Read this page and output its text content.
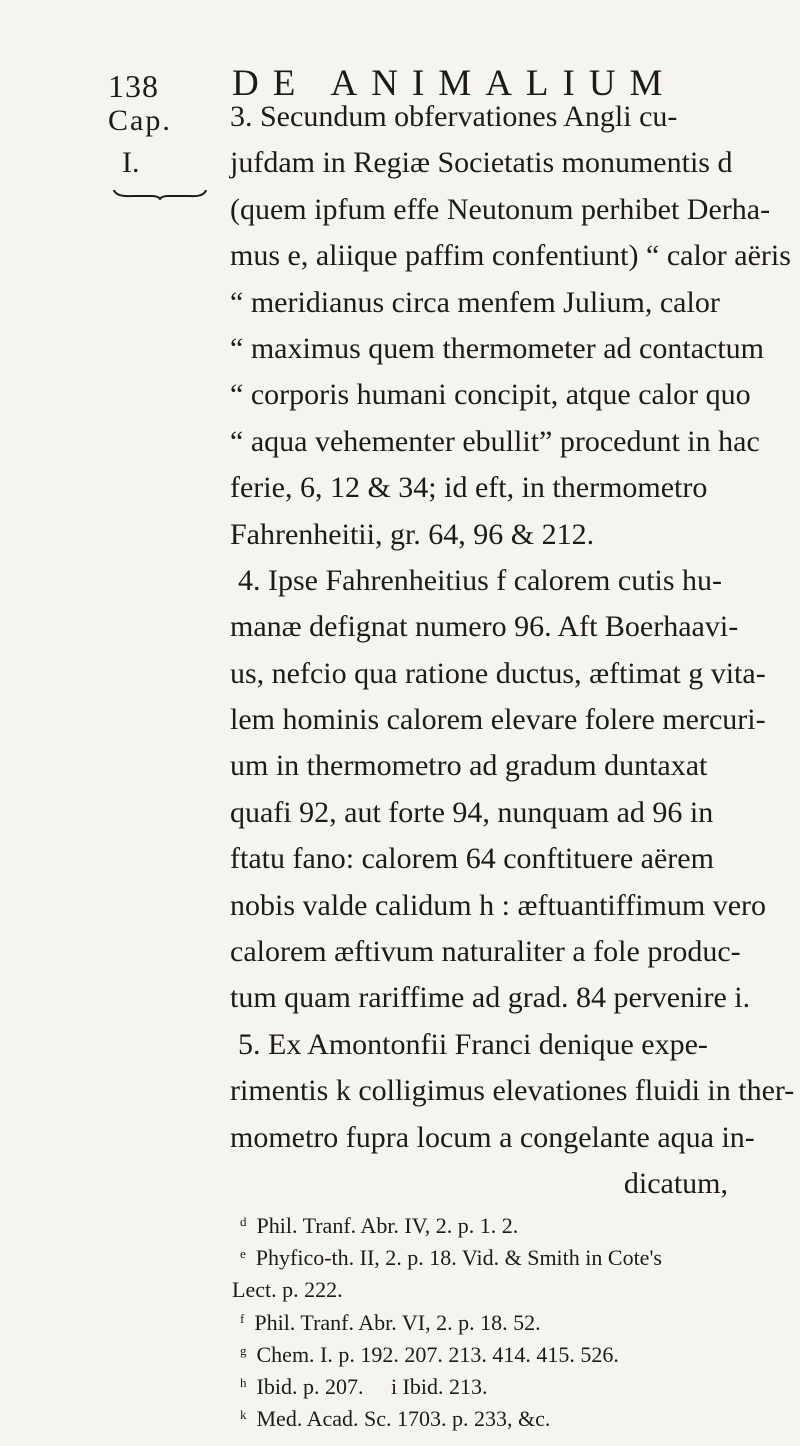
138 DE ANIMALIUM
Cap.
I.
3. Secundum obfervationes Angli cu-
jufdam in Regiæ Societatis monumentis d
(quem ipfum effe Neutonum perhibet Derha-
mus e, aliique paffim confentiunt) “ calor aëris
“ meridianus circa menfem Julium, calor
“ maximus quem thermometer ad contactum
“ corporis humani concipit, atque calor quo
“ aqua vehementer ebullit” procedunt in hac
ferie, 6, 12 & 34; id eft, in thermometro
Fahrenheitii, gr. 64, 96 & 212.
4. Ipse Fahrenheitius f calorem cutis hu-
manæ defignat numero 96. Aft Boerhaavi-
us, nefcio qua ratione ductus, æftimat g vita-
lem hominis calorem elevare folere mercuri-
um in thermometro ad gradum duntaxat
quafi 92, aut forte 94, nunquam ad 96 in
ftatu fano: calorem 64 conftituere aërem
nobis valde calidum h : æftuantiffimum vero
calorem æftivum naturaliter a fole produc-
tum quam rariffime ad grad. 84 pervenire i.
5. Ex Amontonfii Franci denique expe-
rimentis k colligimus elevationes fluidi in ther-
mometro fupra locum a congelante aqua in-
dicatum,
$^d$ Phil. Tranf. Abr. IV, 2. p. 1. 2.
$^e$ Phyfico-th. II, 2. p. 18. Vid. & Smith in Cote's
Lect. p. 222.
$^f$ Phil. Tranf. Abr. VI, 2. p. 18. 52.
$^g$ Chem. I. p. 192. 207. 213. 414. 415. 526.
$^h$ Ibid. p. 207.     i Ibid. 213.
$^k$ Med. Acad. Sc. 1703. p. 233, &c.
